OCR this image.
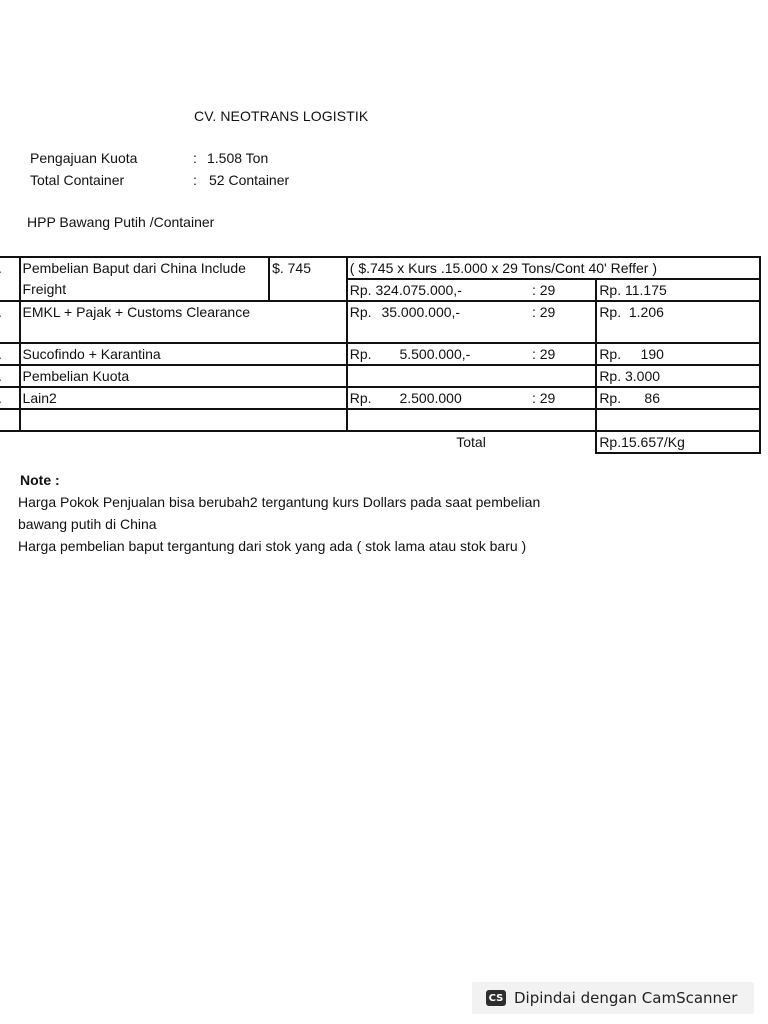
CV. NEOTRANS LOGISTIK
Pengajuan Kuota	: 1.508 Ton
Total Container	: 52 Container
HPP Bawang Putih /Container
	Pembelian Baput dari China Include Freight	$. 745	( $.745 x Kurs .15.000 x 29 Tons/Cont 40' Reffer )	
			Rp. 324.075.000,- : 29	Rp. 11.175
	EMKL + Pajak + Customs Clearance		Rp. 35.000.000,- : 29	Rp.  1.206
	Sucofindo + Karantina		Rp. 5.500.000,- : 29	Rp.     190
	Pembelian Kuota			Rp. 3.000
	Lain2		Rp. 2.500.000 : 29	Rp.      86

			Total	Rp.15.657/Kg
Note :
Harga Pokok Penjualan bisa berubah2 tergantung kurs Dollars pada saat pembelian
bawang putih di China
Harga pembelian baput tergantung dari stok yang ada ( stok lama atau stok baru )
CS Dipindai dengan CamScanner
